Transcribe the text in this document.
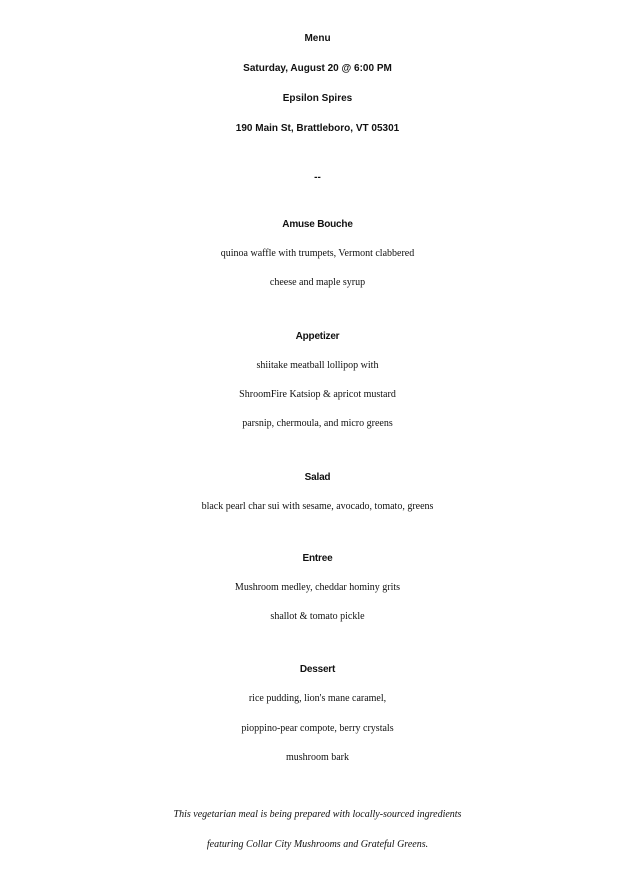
Menu
Saturday, August 20 @ 6:00 PM
Epsilon Spires
190 Main St, Brattleboro, VT 05301
--
Amuse Bouche
quinoa waffle with trumpets, Vermont clabbered
cheese and maple syrup
Appetizer
shiitake meatball lollipop with
ShroomFire Katsiop & apricot mustard
parsnip, chermoula, and micro greens
Salad
black pearl char sui with sesame, avocado, tomato, greens
Entree
Mushroom medley, cheddar hominy grits
shallot & tomato pickle
Dessert
rice pudding, lion's mane caramel,
pioppino-pear compote, berry crystals
mushroom bark
This vegetarian meal is being prepared with locally-sourced ingredients
featuring Collar City Mushrooms and Grateful Greens.
